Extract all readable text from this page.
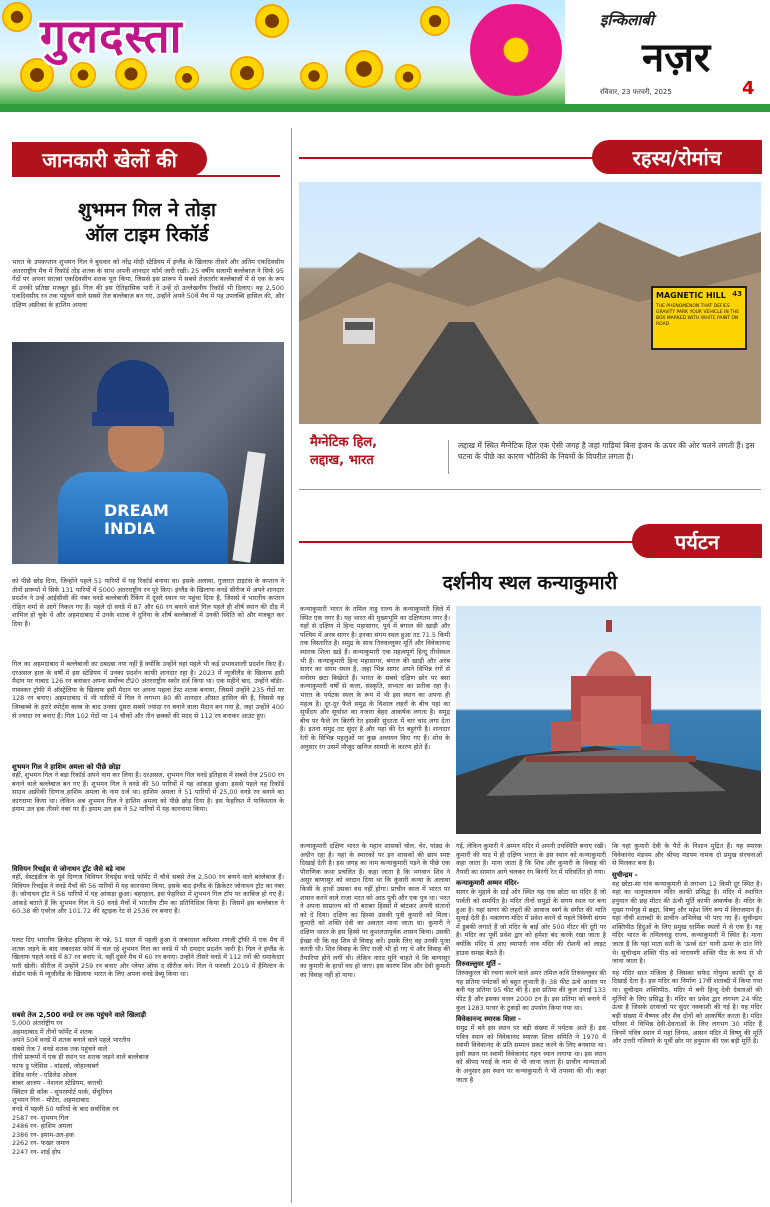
गुलदस्ता	इन्किलाबी
नज़र
रविवार, 23 फरवरी, 2025	4
जानकारी खेलों की
शुभमन गिल ने तोड़ा
ऑल टाइम रिकॉर्ड
भारत के उपकप्तान शुभमन गिल ने बुधवार को नरेंद्र मोदी स्टेडियम में इंग्लैंड के खिलाफ तीसरे और अंतिम एकदिवसीय अंतरराष्ट्रीय मैच में रिकॉर्ड तोड़ शतक के साथ अपनी शानदार फॉर्म जारी रखी। 25 वर्षीय सलामी बल्लेबाज ने सिर्फ 95 गेंदों पर अपना सातवां एकदिवसीय शतक पूरा किया, जिससे इस प्रारूप में सबसे तेजतर्रार बल्लेबाजों में से एक के रूप में उनकी प्रतिष्ठा मजबूत हुई। गिल की इस ऐतिहासिक पारी ने उन्हें दो उल्लेखनीय रिकॉर्ड भी दिलाए। वह 2,500 एकदिवसीय रन तक पहुंचने वाले सबसे तेज बल्लेबाज बन गए, उन्होंने अपने 50वें मैच में यह उपलब्धि हासिल की, और दक्षिण अफ्रीका के हाशिम अमला
DREAM INDIA
को पीछे छोड़ दिया, जिन्होंने पहले 51 पारियों में यह रिकॉर्ड बनाया था। इसके अलावा, गुजरात टाइटंस के कप्तान ने तीनों प्रारूपों में सिर्फ 131 पारियों में 5000 अंतरराष्ट्रीय रन पूरे किए। इंग्लैंड के खिलाफ वनडे सीरीज में अपने शानदार प्रदर्शन ने उन्हें आईसीसी की नंबर वनडे बल्लेबाजी रैंकिंग में दूसरे स्थान पर पहुंचा दिया है, जिससे वे भारतीय कप्तान रोहित शर्मा से आगे निकल गए हैं। पहले दो वनडे में 87 और 60 रन बनाने वाले गिल पहले ही शीर्ष स्थान की दौड़ में शामिल हो चुके थे और अहमदाबाद में उनके शतक ने दुनिया के शीर्ष बल्लेबाजों में उनकी स्थिति को और मजबूत कर दिया है।
गिल का अहमदाबाद में बल्लेबाजी का दबदबा नया नहीं है क्योंकि उन्होंने वहां पहले भी कई प्रभावशाली प्रदर्शन किए हैं। दरअसल हाल के वर्षों में इस स्टेडियम में उनका प्रदर्शन काफी शानदार रहा है। 2023 में न्यूजीलैंड के खिलाफ इसी मैदान पर नाबाद 126 रन बनाकर अपना सर्वोच्च टी20 अंतरराष्ट्रीय स्कोर दर्ज किया था। एक महीने बाद, उन्होंने बॉर्डर-गावस्कर ट्रॉफी में ऑस्ट्रेलिया के खिलाफ इसी मैदान पर अपना पहला टेस्ट शतक बनाया, जिसमें उन्होंने 235 गेंदों पर 128 रन बनाए। अहमदाबाद में भी पारियों में गिल ने लगभग 80 की शानदार औसत हासिल की है, जिससे यह जिम्बाब्वे के हरारे स्पोर्ट्स क्लब के बाद उनका दूसरा सबसे ज्यादा रन बनाने वाला मैदान बन गया है, जहां उन्होंने 400 से ज्यादा रन बनाए हैं। गिल 102 गेंदों पर 14 चौकों और तीन छक्कों की मदद से 112 रन बनाकर आउट हुए।
शुभमन गिल ने हाशिम अमला को पीछे छोड़ा
वहीं, शुभमन गिल ने बड़ा रिकॉर्ड अपने नाम कर लिया है। दरअसल, शुभमन गिल वनडे इतिहास में सबसे तेज 2500 रन बनाने वाले बल्लेबाज बन गए हैं। शुभमन गिल ने वनडे की 50 पारियों में यह आंकड़ा छुआ। इससे पहले यह रिकॉर्ड साउथ अफ्रीकी दिग्गज हाशिम अमला के नाम दर्ज था। हाशिम अमला ने 51 पारियों में 25,00 वनडे रन बनाने का कारनामा किया था। लेकिन अब शुभमन गिल ने हाशिम अमला को पीछे छोड़ दिया है। इस फेहरिस्त में पाकिस्तान के इमाम उल हक तीसरे नंबर पर हैं। इमाम उल हक ने 52 पारियों में यह कारनामा किया।
विवियन रिचर्ड्स से जोनाथन ट्रॉट जैसे बड़े नाम
वहीं, वेस्टइंडीज के पूर्व दिग्गज विवियन रिचर्ड्स वनडे फॉर्मेट में चौथे सबसे तेज 2,500 रन बनाने वाले बल्लेबाज हैं। विवियन रिचर्ड्स ने वनडे मैचों की 56 पारियों में यह कारनामा किया, इसके बाद इंग्लैंड के क्रिकेटर जोनाथन ट्रॉट का नंबर है। जोनाथन ट्रॉट ने 56 पारियों में यह आंकड़ा छुआ। बहरहाल, इस फेहरिस्त में शुभमन गिल टॉप पर काबिज हो गए हैं। आंकड़े बताते हैं कि शुभमन गिल ने 50 वनडे मैचों में भारतीय टीम का प्रतिनिधित्व किया है। जिसमें इस बल्लेबाज ने 60.38 की एवरेज और 101.72 की स्ट्राइक रेट से 2536 रन बनाए हैं।
पलट दिए भारतीय क्रिकेट इतिहास के पन्ने, 51 साल में पहली हुआ ये जबरदस्त करिश्मा रणजी ट्रॉफी में एक मैच में शतक जड़ने के बाद जबरदस्त फॉर्म में चल रहे शुभमन गिल का वनडे में भी दमदार प्रदर्शन जारी है। गिल ने इंग्लैंड के खिलाफ पहले वनडे में 87 रन बनाए थे, वहीं दूसरे मैच में 60 रन बनाए। उन्होंने तीसरे वनडे में 112 रनों की धमाकेदार पारी खेली। सीरीज में उन्होंने 259 रन बनाए और प्लेयर ऑफ द सीरीज बने। गिल ने फरवरी 2019 में हैमिल्टन के सेडॉन पार्क में न्यूजीलैंड के खिलाफ भारत के लिए अपना वनडे डेब्यू किया था।
सबसे तेज 2,500 वनडे रन तक पहुंचने वाले खिलाड़ी
5,000 अंतर्राष्ट्रीय रन
अहमदाबाद में तीनों फॉर्मेट में शतक
अपने 50वें वनडे में शतक बनाने वाले पहले भारतीय
सबसे तेज 7 वनडे शतक तक पहुंचने वाले
तीनों प्रारूपों में एक ही स्थान पर शतक जड़ने वाले बल्लेबाज
फाफ डु प्लेसिस - वांडरर्स, जोहान्सबर्ग
डेविड वार्नर - एडिलेड ओवल
बाबर आजम - नेशनल स्टेडियम, कराची
क्विंटन डी कॉक - सुपरस्पोर्ट पार्क, सेंचुरियन
शुभमन गिल - मोटेरा, अहमदाबाद
वनडे में पहली 50 पारियों के बाद सर्वाधिक रन
2587 रन- शुभमन गिल
2486 रन- हाशिम अमला
2386 रन- इमाम-उल-हक
2262 रन- फखर जमान
2247 रन- शाई होप
रहस्य/रोमांच
MAGNETIC HILL 43
THE PHENOMENON THAT DEFIES GRAVITY PARK YOUR VEHICLE IN THE BOX MARKED WITH WHITE PAINT ON ROAD
मैग्नेटिक हिल,
लद्दाख, भारत
लद्दाख में स्थित मैग्नेटिक हिल एक ऐसी जगह है जहां गाड़ियां बिना इंजन के ऊपर की ओर चलने लगती हैं। इस घटना के पीछे का कारण भौतिकी के नियमों के विपरीत लगता है।
पर्यटन
दर्शनीय स्थल कन्याकुमारी
कन्याकुमारी भारत के तमिल नाडु राज्य के कन्याकुमारी ज़िले में स्थित एक नगर है। यह भारत की मुख्यभूमि का दक्षिणतम नगर है। यहाँ से दक्षिण में हिन्द महासागर, पूर्व में बंगाल की खाड़ी और पश्चिम में अरब सागर है। इनका संगम स्थल हुआ तट 71.5 किमी तक विस्तारित है। समुद्र के साथ तिरुवल्लुवर मूर्ति और विवेकानन्द स्मारक शिला खड़े हैं। कन्याकुमारी एक महत्वपूर्ण हिन्दू तीर्थस्थल भी है। कन्याकुमारी हिन्द महासागर, बंगाल की खाड़ी और अरब सागर का संगम स्थल है, जहां भिन्न सागर अपने विभिन्न रंगों से मनोरम छटा बिखेरते हैं। भारत के सबसे दक्षिण छोर पर बसा कन्याकुमारी वर्षों से कला, संस्कृति, सभ्यता का प्रतीक रहा है। भारत के पर्यटक स्थल के रूप में भी इस स्थान का अपना ही महत्व है। दूर-दूर फैले समुद्र के विशाल लहरों के बीच यहां का सूर्योदय और सूर्यास्त का नजारा बेहद आकर्षक लगता है। समुद्र बीच पर फैले रंग बिरंगी रेत इसकी सुंदरता में चार चांद लगा देता है। इतना समुद्र तट सुंदर है और यहां की रेत बहुरंगी है। शानदार रेतों के विभिन्न पहलुओं पर कुछ अध्ययन किए गए हैं। शोध के अनुसार रंग उसमें मौजूद खनिज सामग्री के कारण होते हैं।
कन्याकुमारी दक्षिण भारत के महान शासकों चोल, चेर, पांड्य के अधीन रहा है। यहां के स्मारकों पर इन शासकों की छाप स्पष्ट दिखाई देती है। इस जगह का नाम कन्याकुमारी पड़ने के पीछे एक पौराणिक कथा प्रचलित है। कहा जाता है कि भगवान शिव ने असुर बाणासुर को वरदान दिया था कि कुंवारी कन्या के अलावा किसी के हाथों उसका वध नहीं होगा। प्राचीन काल में भारत पर शासन करने वाले राजा भरत को आठ पुत्री और एक पुत्र था। भरत ने अपना साम्राज्य को नौ बराबर हिस्सों में बांटकर अपनी संतानों को दे दिया। दक्षिण का हिस्सा उसकी पुत्री कुमारी को मिला। कुमारी को शक्ति देवी का अवतार माना जाता था। कुमारी ने दक्षिण भारत के इस हिस्से पर कुशलतापूर्वक शासन किया। उसकी ईच्छा थी कि वह शिव से विवाह करें। इसके लिए वह उनकी पूजा करती थी। शिव विवाह के लिए राजी भी हो गए थे और विवाह की तैयारियां होने लगीं थी। लेकिन नारद मुनि चाहते थे कि बाणासुर का कुमारी के हाथों वध हो जाए। इस कारण शिव और देवी कुमारी का विवाह नहीं हो पाया।
गई, लेकिन कुमारी ने अम्मन मंदिर में अपनी उपस्थिति बनाए रखी। कुमारी की याद में ही दक्षिण भारत के इस स्थान को कन्याकुमारी कहा जाता है। माना जाता है कि शिव और कुमारी के विवाह की तैयारी का सामान आगे चलकर रंग बिरंगी रेत में परिवर्तित हो गया।
कन्याकुमारी अम्मन मंदिर-
सागर के मुहाने के दाईं ओर स्थित यह एक छोटा सा मंदिर है जो पार्वती को समर्पित है। मंदिर तीनों समुद्रों के संगम स्थल पर बना हुआ है। यहां सागर की लहरों की आवाज स्वर्ग के संगीत की भांति सुनाई देती है। भक्तगण मंदिर में प्रवेश करने से पहले त्रिवेणी संगम में डुबकी लगाते हैं जो मंदिर के बाईं ओर 500 मीटर की दूरी पर है। मंदिर का पूर्वी प्रवेश द्वार को हमेशा बंद करके रखा जाता है क्योंकि मंदिर में आए व्यापारी नाव मंदिर की रोशनी को लाइट हाउस समझ बैठते हैं।
तिरुवल्लुवर मूर्ति -
तिरुक्कुरल की रचना करने वाले अमर तमिल कवि तिरुवल्लुवर की यह प्रतिमा पर्यटकों को बहुत लुभाती है। 38 फीट ऊंचे आधार पर बनी यह प्रतिमा 95 फीट की है। इस प्रतिमा की कुल उंचाई 133 फीट है और इसका वजन 2000 टन है। इस प्रतिमा को बनाने में कुल 1283 पत्थर के टुकड़ों का उपयोग किया गया था।
विवेकानन्द स्मारक शिला -
समुद्र में बने इस स्थान पर बड़ी संख्या में पर्यटक आते हैं। इस पवित्र स्थान को विवेकानंद स्मारक शिला समिति ने 1970 में स्वामी विवेकानंद के प्रति सम्मान प्रकट करने के लिए बनवाया था। इसी स्थान पर स्वामी विवेकानंद गहन ध्यान लगाया था। इस स्थान को श्रीपद पराई के नाम से भी जाना जाता है। प्राचीन मान्यताओं के अनुसार इस स्थान पर कन्याकुमारी ने भी तपस्या की थी। कहा जाता है
कि यहां कुमारी देवी के पैरों के निशान मुद्रित हैं। यह स्मारक विवेकानंद मंडपम और श्रीपद मंडपम नामक दो प्रमुख संरचनाओं से मिलकर बना है।
सुचीन्द्रम -
यह छोटा-सा गांव कन्याकुमारी से लगभग 12 किमी दूर स्थित है। यहां का थानुमलायन मंदिर काफी प्रसिद्ध है। मंदिर में स्थापित हनुमान की छह मीटर की ऊंची मूर्ति काफी आकर्षक है। मंदिर के मुख्य गर्भगृह में ब्रह्मा, विष्णु और महेश लिंग रूप में विराजमान हैं। यहां नौवीं शताब्दी के प्राचीन अभिलेख भी पाए गए हैं। सुचीन्द्रम शक्तिपीठ हिंदुओं के लिए प्रमुख धार्मिक स्थलों में से एक है। यह मंदिर भारत के तमिलनाडु राज्य, कन्याकुमारी में स्थित है। माना जाता है कि यहां माता सती के 'ऊर्ध्व दंत' यानी ऊपर के दांत गिरे थे। सुचीन्द्रम शक्ति पीठ को नारायणी शक्ति पीठ के रूप में भी जाना जाता है।
यह मंदिर सात मंजिला है जिसका सफेद गोपुरम काफी दूर से दिखाई देता है। इस मंदिर का निर्माण 17वीं शताब्दी में किया गया था। सुचीन्द्रम शक्तिपीठ, मंदिर में बनी हिन्दू देवी देवताओं की मूर्तियों के लिए प्रसिद्ध है। मंदिर का प्रवेश द्वार लगभग 24 फीट ऊंचा है जिसके दरवाजों पर सुंदर नक्काशी की गई है। यह मंदिर बड़ी संख्या में वैष्णव और शैव दोनों को आकर्षित करता है। मंदिर परिसर में विभिन्न देवी-देवताओं के लिए लगभग 30 मंदिर हैं जिनमें पवित्र स्थान में यहां लिंगम, आसन मंदिर में विष्णु की मूर्ति और उत्तरी गलियारे के पूर्वी छोर पर हनुमान की एक बड़ी मूर्ति है।
